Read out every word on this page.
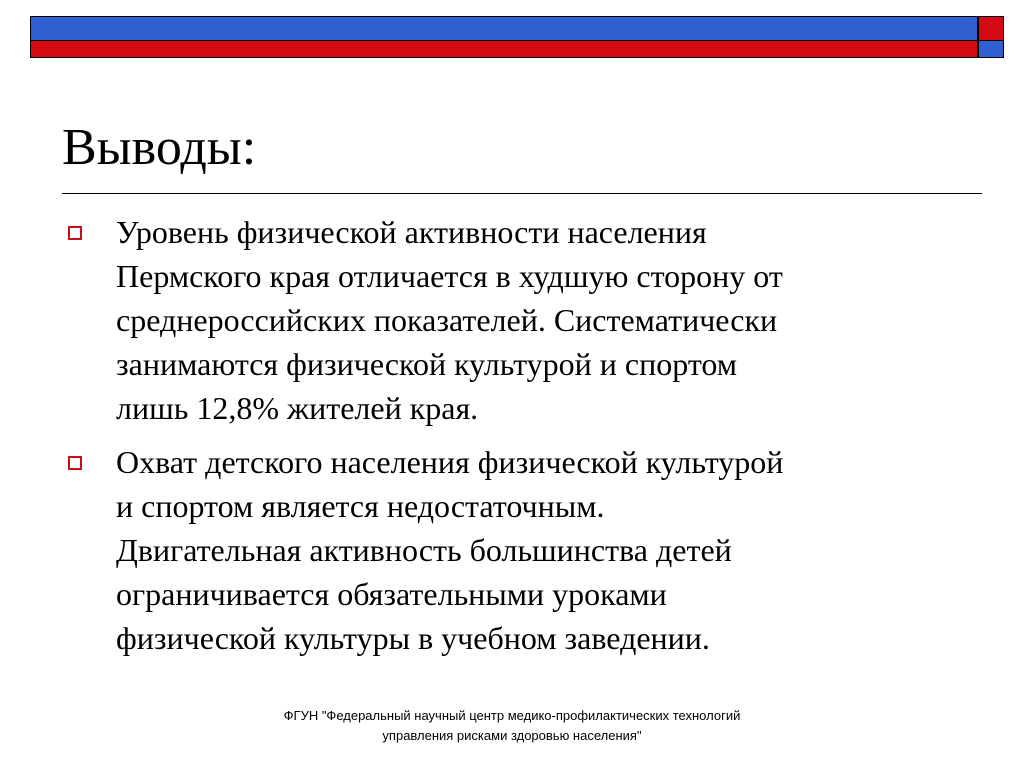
Выводы:
Уровень физической активности населения
Пермского края отличается в худшую сторону от
среднероссийских показателей. Систематически
занимаются физической культурой и спортом
лишь 12,8% жителей края.
Охват детского населения физической культурой
и спортом является недостаточным.
Двигательная активность большинства детей
ограничивается обязательными уроками
физической культуры в учебном заведении.
ФГУН "Федеральный научный центр медико-профилактических технологий
управления рисками здоровью населения"
